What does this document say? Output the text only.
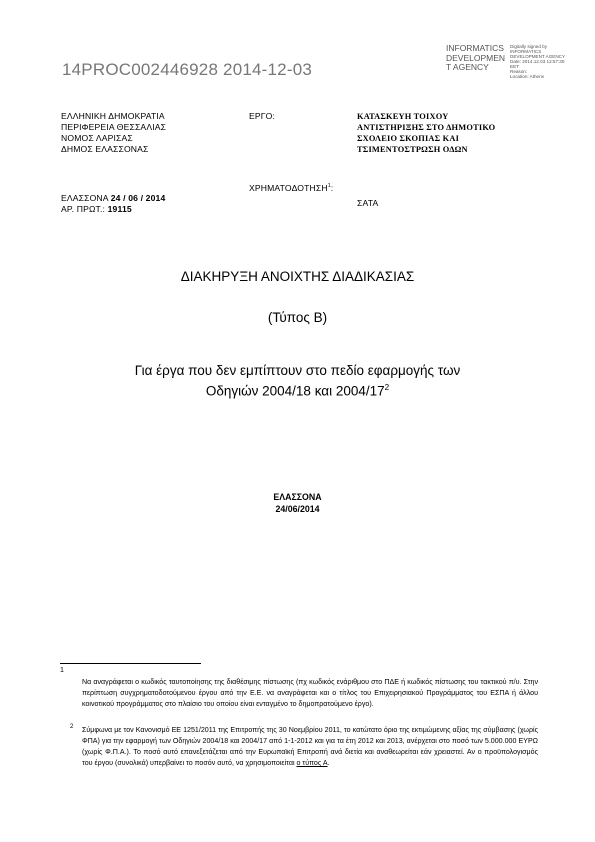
14PROC002446928 2014-12-03
INFORMATICS
DEVELOPMEN
T AGENCY
Digitally signed by
INFORMATICS
DEVELOPMENT AGENCY
Date: 2014.12.03 12:57:30
EET
Reason:
Location: Athens
ΕΛΛΗΝΙΚΗ ΔΗΜΟΚΡΑΤΙΑ
ΠΕΡΙΦΕΡΕΙΑ ΘΕΣΣΑΛΙΑΣ
ΝΟΜΟΣ ΛΑΡΙΣΑΣ
ΔΗΜΟΣ ΕΛΑΣΣΟΝΑΣ
ΕΡΓΟ:	ΚΑΤΑΣΚΕΥΗ ΤΟΙΧΟΥ
ΑΝΤΙΣΤΗΡΙΞΗΣ ΣΤΟ ΔΗΜΟΤΙΚΟ
ΣΧΟΛΕΙΟ ΣΚΟΠΙΑΣ ΚΑΙ
ΤΣΙΜΕΝΤΟΣΤΡΩΣΗ ΟΔΩΝ
ΧΡΗΜΑΤΟΔΟΤΗΣΗ$^1$:
ΣΑΤΑ
ΕΛΑΣΣΟΝΑ 24 / 06 / 2014
ΑΡ. ΠΡΩΤ.: 19115
ΔΙΑΚΗΡΥΞΗ ΑΝΟΙΧΤΗΣ ΔΙΑΔΙΚΑΣΙΑΣ
(Τύπος Β)
Για έργα που δεν εμπίπτουν στο πεδίο εφαρμογής των
Οδηγιών 2004/18 και $2004/17^2$
ΕΛΑΣΣΟΝΑ
24/06/2014
1
Να αναγράφεται ο κωδικός ταυτοποίησης της διαθέσιμης πίστωσης (πχ κωδικός ενάριθμου στο ΠΔΕ ή κωδικός πίστωσης του τακτικού π/υ. Στην περίπτωση συγχρηματοδοτούμενου έργου από την Ε.Ε. να αναγράφεται και ο τίτλος του Επιχειρησιακού Προγράμματος του ΕΣΠΑ ή άλλου κοινοτικού προγράμματος στο πλαίσιο του οποίου είναι ενταγμένο το δημοπρατούμενο έργο).
2 Σύμφωνα με τον Κανονισμό ΕΕ 1251/2011 της Επιτροπής της 30 Νοεμβρίου 2011, το κατώτατο όριο της εκτιμώμενης αξίας της σύμβασης (χωρίς ΦΠΑ) για την εφαρμογή των Οδηγιών 2004/18 και 2004/17 από 1-1-2012 και για τα έτη 2012 και 2013, ανέρχεται στο ποσό των 5.000.000 ΕΥΡΩ (χωρίς Φ.Π.Α.). Το ποσό αυτό επανεξετάζεται από την Ευρωπαϊκή Επιτροπή ανά διετία και αναθεωρείται εάν χρειαστεί. Αν ο προϋπολογισμός του έργου (συνολικά) υπερβαίνει το ποσόν αυτό, να χρησιμοποιείται ο τύπος Α.
